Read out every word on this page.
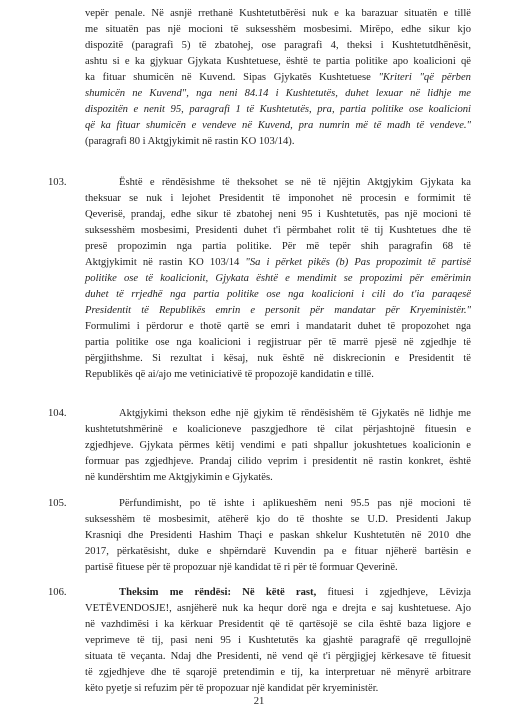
vepër penale. Në asnjë rrethanë Kushtetutbërësi nuk e ka barazuar situatën e tillë
me situatën pas një mocioni të suksesshëm mosbesimi. Mirëpo, edhe sikur kjo
dispozitë (paragrafi 5) të zbatohej, ose paragrafi 4, theksi i Kushtetutdhënësit,
ashtu si e ka gjykuar Gjykata Kushtetuese, është te partia politike apo koalicioni që
ka fituar shumicën në Kuvend. Sipas Gjykatës Kushtetuese "Kriteri "që përben
shumicën ne Kuvend", nga neni 84.14 i Kushtetutës, duhet lexuar në lidhje me
dispozitën e nenit 95, paragrafi 1 të Kushtetutës, pra, partia politike ose koalicioni
që ka fituar shumicën e vendeve në Kuvend, pra numrin më të madh të vendeve."
(paragrafi 80 i Aktgjykimit në rastin KO 103/14).
103.	Është e rëndësishme të theksohet se në të njëjtin Aktgjykim Gjykata ka
theksuar se nuk i lejohet Presidentit të imponohet në procesin e formimit të
Qeverisë, prandaj, edhe sikur të zbatohej neni 95 i Kushtetutës, pas një mocioni të
suksesshëm mosbesimi, Presidenti duhet t'i përmbahet rolit të tij Kushtetues dhe të
presë propozimin nga partia politike. Për më tepër shih paragrafin 68 të
Aktgjykimit në rastin KO 103/14 "Sa i përket pikës (b) Pas propozimit të partisë
politike ose të koalicionit, Gjykata është e mendimit se propozimi për emërimin
duhet të rrjedhë nga partia politike ose nga koalicioni i cili do t'ia paraqesë
Presidentit të Republikës emrin e personit për mandatar për Kryeministër."
Formulimi i përdorur e thotë qartë se emri i mandatarit duhet të propozohet nga
partia politike ose nga koalicioni i regjistruar për të marrë pjesë në zgjedhje të
përgjithshme. Si rezultat i kësaj, nuk është në diskrecionin e Presidentit të
Republikës që ai/ajo me vetiniciativë të propozojë kandidatin e tillë.
104.	Aktgjykimi thekson edhe një gjykim të rëndësishëm të Gjykatës në lidhje me
kushtetutshmërinë e koalicioneve paszgjedhore të cilat përjashtojnë fituesin e
zgjedhjeve. Gjykata përmes këtij vendimi e pati shpallur jokushtetues koalicionin e
formuar pas zgjedhjeve. Prandaj cilido veprim i presidentit në rastin konkret, është
në kundërshtim me Aktgjykimin e Gjykatës.
105.	Përfundimisht, po të ishte i aplikueshëm neni 95.5 pas një mocioni të
suksesshëm të mosbesimit, atëherë kjo do të thoshte se U.D. Presidenti Jakup
Krasniqi dhe Presidenti Hashim Thaçi e paskan shkelur Kushtetutën në 2010 dhe
2017, përkatësisht, duke e shpërndarë Kuvendin pa e fituar njëherë bartësin e
partisë fituese për të propozuar një kandidat të ri për të formuar Qeverinë.
106.	Theksim me rëndësi: Në këtë rast, fituesi i zgjedhjeve, Lëvizja
VETËVENDOSJE!, asnjëherë nuk ka hequr dorë nga e drejta e saj kushtetuese. Ajo
në vazhdimësi i ka kërkuar Presidentit që të qartësojë se cila është baza ligjore e
veprimeve të tij, pasi neni 95 i Kushtetutës ka gjashtë paragrafë që rregullojnë
situata të veçanta. Ndaj dhe Presidenti, në vend që t'i përgjigjej kërkesave të fituesit
të zgjedhjeve dhe të sqarojë pretendimin e tij, ka interpretuar në mënyrë arbitrare
këto pyetje si refuzim për të propozuar një kandidat për kryeministër.
21
